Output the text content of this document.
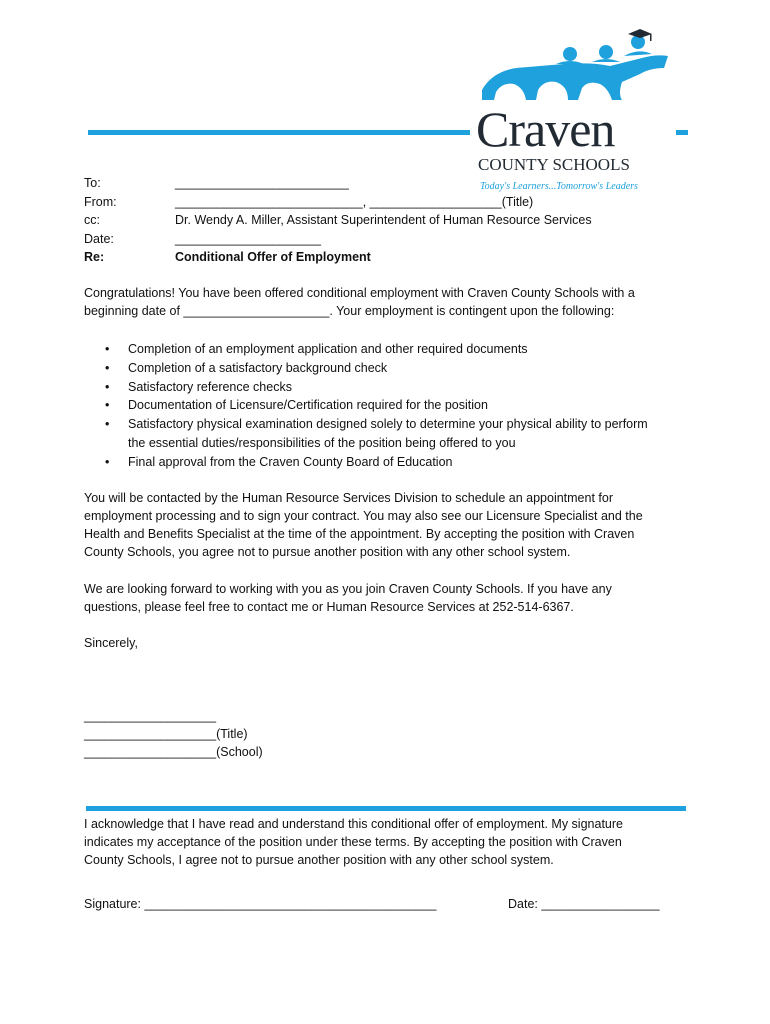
Craven
COUNTY SCHOOLS
Today's Learners...Tomorrow's Leaders
To:	_________________________
From:	___________________________, ___________________(Title)
cc:	Dr. Wendy A. Miller, Assistant Superintendent of Human Resource Services
Date:	_____________________
Re:	Conditional Offer of Employment
Congratulations! You have been offered conditional employment with Craven County Schools with a
beginning date of _____________________. Your employment is contingent upon the following:
• Completion of an employment application and other required documents
• Completion of a satisfactory background check
• Satisfactory reference checks
• Documentation of Licensure/Certification required for the position
• Satisfactory physical examination designed solely to determine your physical ability to perform
the essential duties/responsibilities of the position being offered to you
• Final approval from the Craven County Board of Education
You will be contacted by the Human Resource Services Division to schedule an appointment for
employment processing and to sign your contract. You may also see our Licensure Specialist and the
Health and Benefits Specialist at the time of the appointment. By accepting the position with Craven
County Schools, you agree not to pursue another position with any other school system.
We are looking forward to working with you as you join Craven County Schools. If you have any
questions, please feel free to contact me or Human Resource Services at 252-514-6367.
Sincerely,
___________________
___________________(Title)
___________________(School)
I acknowledge that I have read and understand this conditional offer of employment. My signature
indicates my acceptance of the position under these terms. By accepting the position with Craven
County Schools, I agree not to pursue another position with any other school system.
Signature: __________________________________________	Date: _________________
